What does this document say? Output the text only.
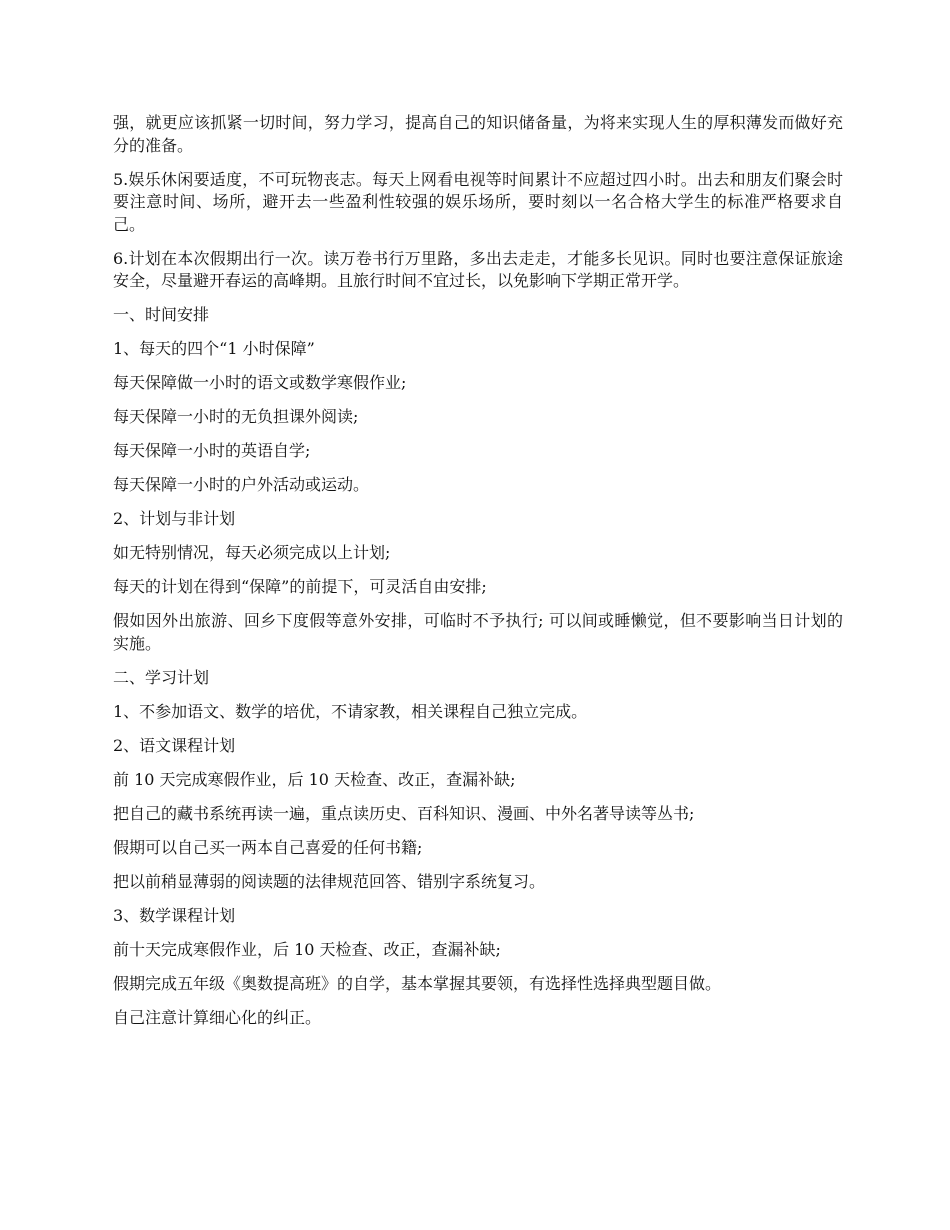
强，就更应该抓紧一切时间，努力学习，提高自己的知识储备量，为将来实现人生的厚积薄发而做好充分的准备。

5.娱乐休闲要适度，不可玩物丧志。每天上网看电视等时间累计不应超过四小时。出去和朋友们聚会时要注意时间、场所，避开去一些盈利性较强的娱乐场所，要时刻以一名合格大学生的标准严格要求自己。

6.计划在本次假期出行一次。读万卷书行万里路，多出去走走，才能多长见识。同时也要注意保证旅途安全，尽量避开春运的高峰期。且旅行时间不宜过长，以免影响下学期正常开学。

一、时间安排

1、每天的四个“1 小时保障”

每天保障做一小时的语文或数学寒假作业;

每天保障一小时的无负担课外阅读;

每天保障一小时的英语自学;

每天保障一小时的户外活动或运动。

2、计划与非计划

如无特别情况，每天必须完成以上计划;

每天的计划在得到“保障”的前提下，可灵活自由安排;

假如因外出旅游、回乡下度假等意外安排，可临时不予执行; 可以间或睡懒觉，但不要影响当日计划的实施。

二、学习计划

1、不参加语文、数学的培优，不请家教，相关课程自己独立完成。

2、语文课程计划

前 10 天完成寒假作业，后 10 天检查、改正，查漏补缺;

把自己的藏书系统再读一遍，重点读历史、百科知识、漫画、中外名著导读等丛书;

假期可以自己买一两本自己喜爱的任何书籍;

把以前稍显薄弱的阅读题的法律规范回答、错别字系统复习。

3、数学课程计划

前十天完成寒假作业，后 10 天检查、改正，查漏补缺;

假期完成五年级《奥数提高班》的自学，基本掌握其要领，有选择性选择典型题目做。

自己注意计算细心化的纠正。
